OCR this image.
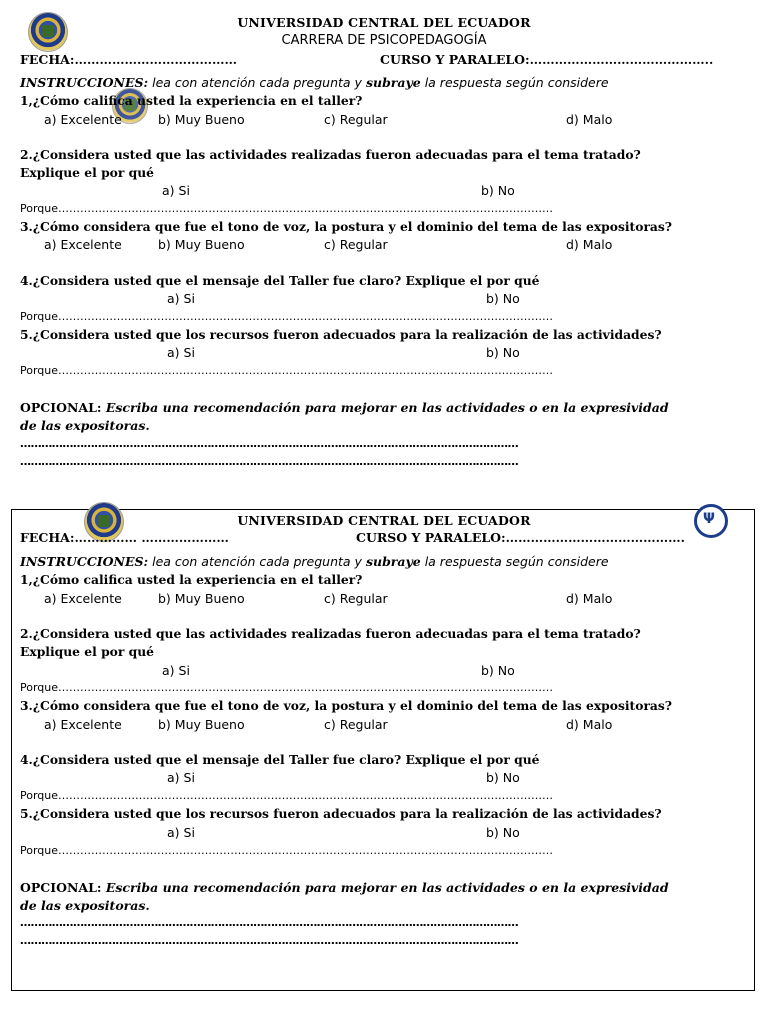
UNIVERSIDAD CENTRAL DEL ECUADOR
CARRERA DE PSICOPEDAGOGÍA
FECHA:…………………………………	CURSO Y PARALELO:……………………………………..
INSTRUCCIONES: lea con atención cada pregunta y subraye la respuesta según considere
1,¿Cómo califica usted la experiencia en el taller?
a) Excelente	b) Muy Bueno	c) Regular	d) Malo
2.¿Considera usted que las actividades realizadas fueron adecuadas para el tema tratado?
Explique el por qué
a) Si	b) No
Porque………………………………………………………………………………………………………………………
3.¿Cómo considera que fue el tono de voz, la postura y el dominio del tema de las expositoras?
a) Excelente	b) Muy Bueno	c) Regular	d) Malo
4.¿Considera usted que el mensaje del Taller fue claro? Explique el por qué
a) Si	b) No
Porque………………………………………………………………………………………………………………………
5.¿Considera usted que los recursos fueron adecuados para la realización de las actividades?
a) Si	b) No
Porque………………………………………………………………………………………………………………………
OPCIONAL: Escriba una recomendación para mejorar en las actividades o en la expresividad
de las expositoras.
……………………………………………………………………………………………………………………………
……………………………………………………………………………………………………………………………
Ψ
UNIVERSIDAD CENTRAL DEL ECUADOR
FECHA:…………… …………………	CURSO Y PARALELO:…………………………………….
INSTRUCCIONES: lea con atención cada pregunta y subraye la respuesta según considere
1,¿Cómo califica usted la experiencia en el taller?
a) Excelente	b) Muy Bueno	c) Regular	d) Malo
2.¿Considera usted que las actividades realizadas fueron adecuadas para el tema tratado?
Explique el por qué
a) Si	b) No
Porque………………………………………………………………………………………………………………………
3.¿Cómo considera que fue el tono de voz, la postura y el dominio del tema de las expositoras?
a) Excelente	b) Muy Bueno	c) Regular	d) Malo
4.¿Considera usted que el mensaje del Taller fue claro? Explique el por qué
a) Si	b) No
Porque………………………………………………………………………………………………………………………
5.¿Considera usted que los recursos fueron adecuados para la realización de las actividades?
a) Si	b) No
Porque………………………………………………………………………………………………………………………
OPCIONAL: Escriba una recomendación para mejorar en las actividades o en la expresividad
de las expositoras.
……………………………………………………………………………………………………………………………
……………………………………………………………………………………………………………………………
